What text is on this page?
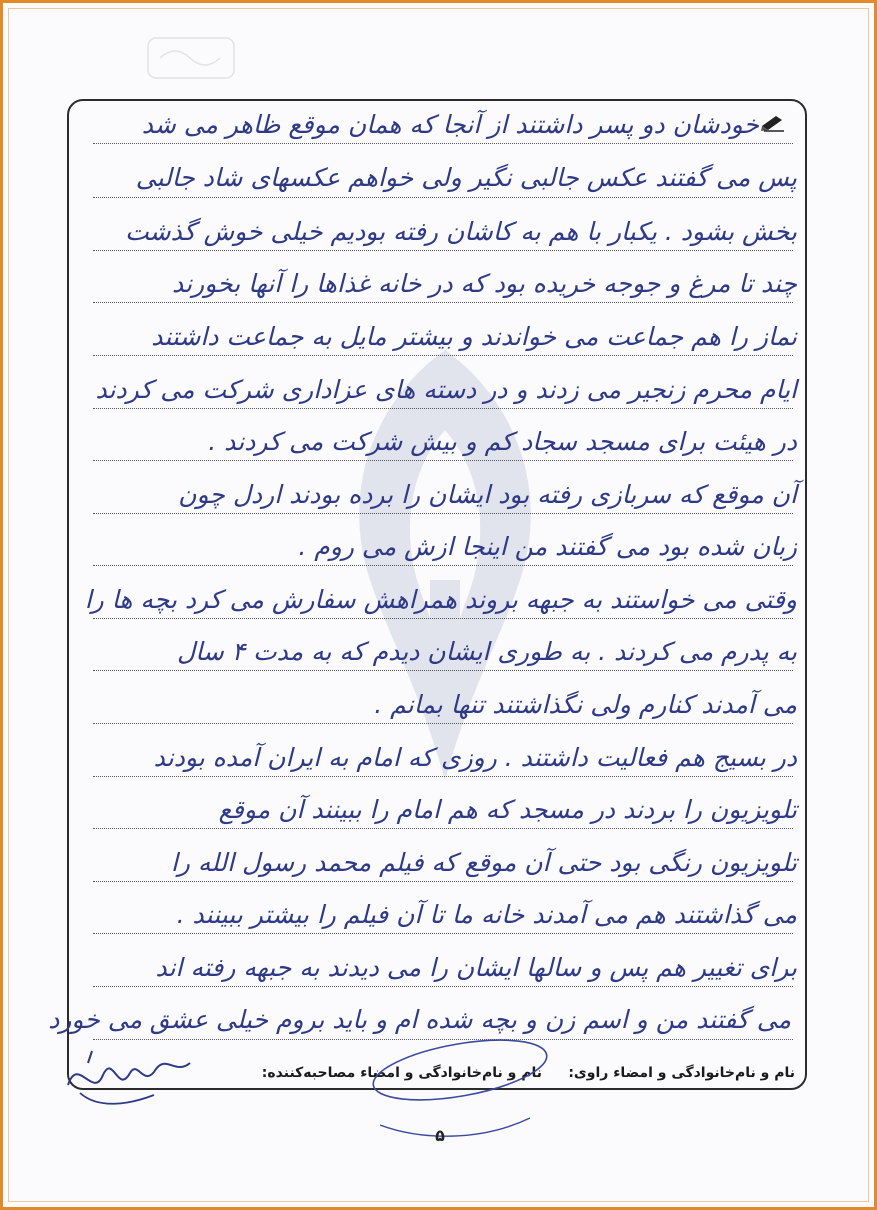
خودشان دو پسر داشتند از آنجا که همان موقع ظاهر می شد
پس می گفتند عکس جالبی نگیر ولی خواهم عکسهای شاد جالبی
بخش بشود . یکبار با هم به کاشان رفته بودیم خیلی خوش گذشت
چند تا مرغ و جوجه خریده بود که در خانه غذاها را آنها بخورند
نماز را هم جماعت می خواندند و بیشتر مایل به جماعت داشتند
ایام محرم زنجیر می زدند و در دسته های عزاداری شرکت می کردند
در هیئت برای مسجد سجاد کم و بیش شرکت می کردند .
آن موقع که سربازی رفته بود ایشان را برده بودند اردل چون
زبان شده بود می گفتند من اینجا ازش می روم .
وقتی می خواستند به جبهه بروند همراهش سفارش می کرد بچه ها را
به پدرم می کردند . به طوری ایشان دیدم که به مدت ۴ سال
می آمدند کنارم ولی نگذاشتند تنها بمانم .
در بسیج هم فعالیت داشتند . روزی که امام به ایران آمده بودند
تلویزیون را بردند در مسجد که هم امام را ببینند آن موقع
تلویزیون رنگی بود حتی آن موقع که فیلم محمد رسول الله را
می گذاشتند هم می آمدند خانه ما تا آن فیلم را بیشتر ببینند .
برای تغییر هم پس و سالها ایشان را می دیدند به جبهه رفته اند
می گفتند من و اسم زن و بچه شده ام و باید بروم خیلی عشق می خورد
نام و نام‌خانوادگی و امضاء راوی:
نام و نام‌خانوادگی و امضاء مصاحبه‌کننده:
۵
